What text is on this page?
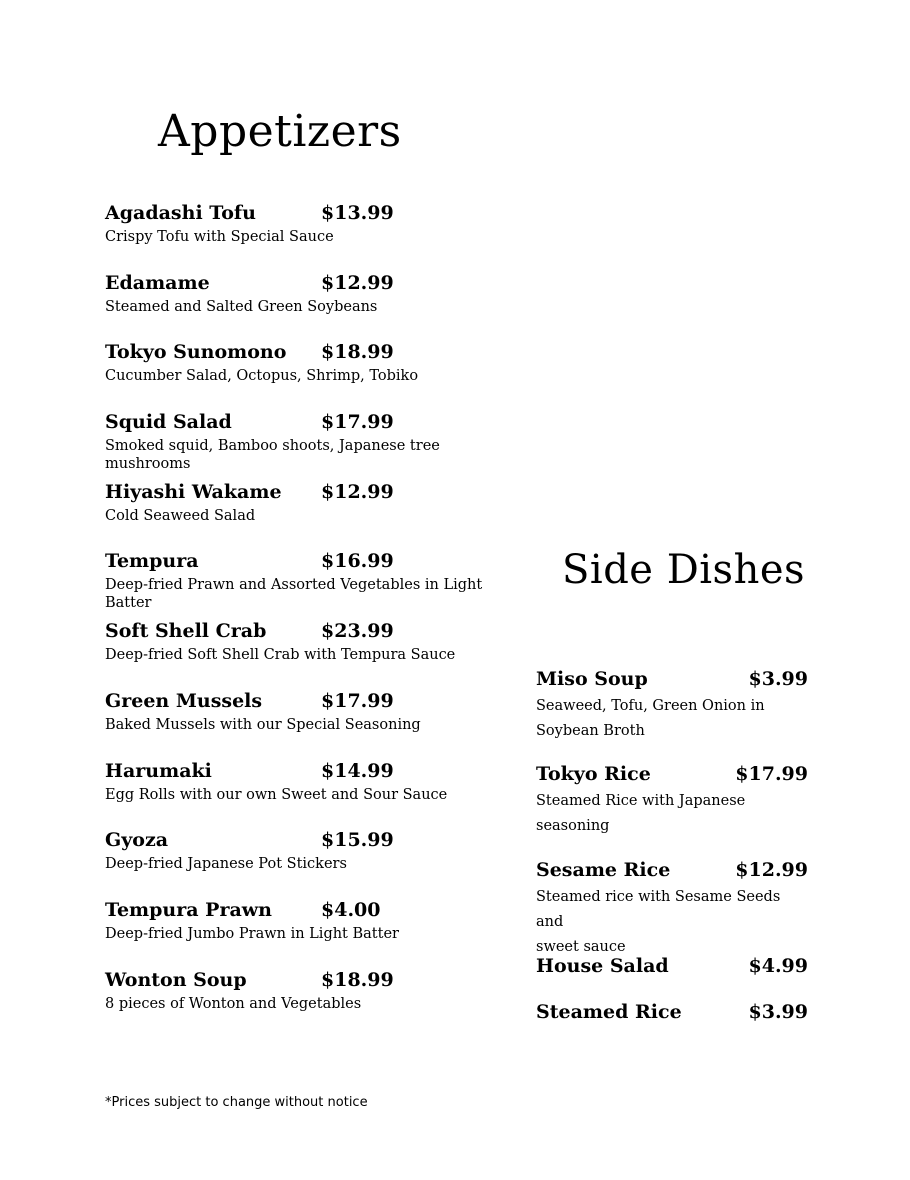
Appetizers
Agadashi Tofu	$13.99

Crispy Tofu with Special Sauce

Edamame	$12.99

Steamed and Salted Green Soybeans

Tokyo Sunomono $18.99

Cucumber Salad, Octopus, Shrimp, Tobiko

Squid Salad	$17.99

Smoked squid, Bamboo shoots, Japanese tree mushrooms

Hiyashi Wakame $12.99

Cold Seaweed Salad

Tempura	$16.99

Deep-fried Prawn and Assorted Vegetables in Light Batter

Soft Shell Crab	$23.99

Deep-fried Soft Shell Crab with Tempura Sauce

Green Mussels	$17.99

Baked Mussels with our Special Seasoning

Harumaki	$14.99

Egg Rolls with our own Sweet and Sour Sauce

Gyoza	$15.99

Deep-fried Japanese Pot Stickers

Tempura Prawn	$4.00

Deep-fried Jumbo Prawn in Light Batter

Wonton Soup	$18.99

8 pieces of Wonton and Vegetables

Side Dishes
Miso Soup	$3.99

Seaweed, Tofu, Green Onion in
Soybean Broth

Tokyo Rice	$17.99

Steamed Rice with Japanese
seasoning

Sesame Rice	$12.99

Steamed rice with Sesame Seeds and
sweet sauce

House Salad	$4.99
Steamed Rice	$3.99
*Prices subject to change without notice
